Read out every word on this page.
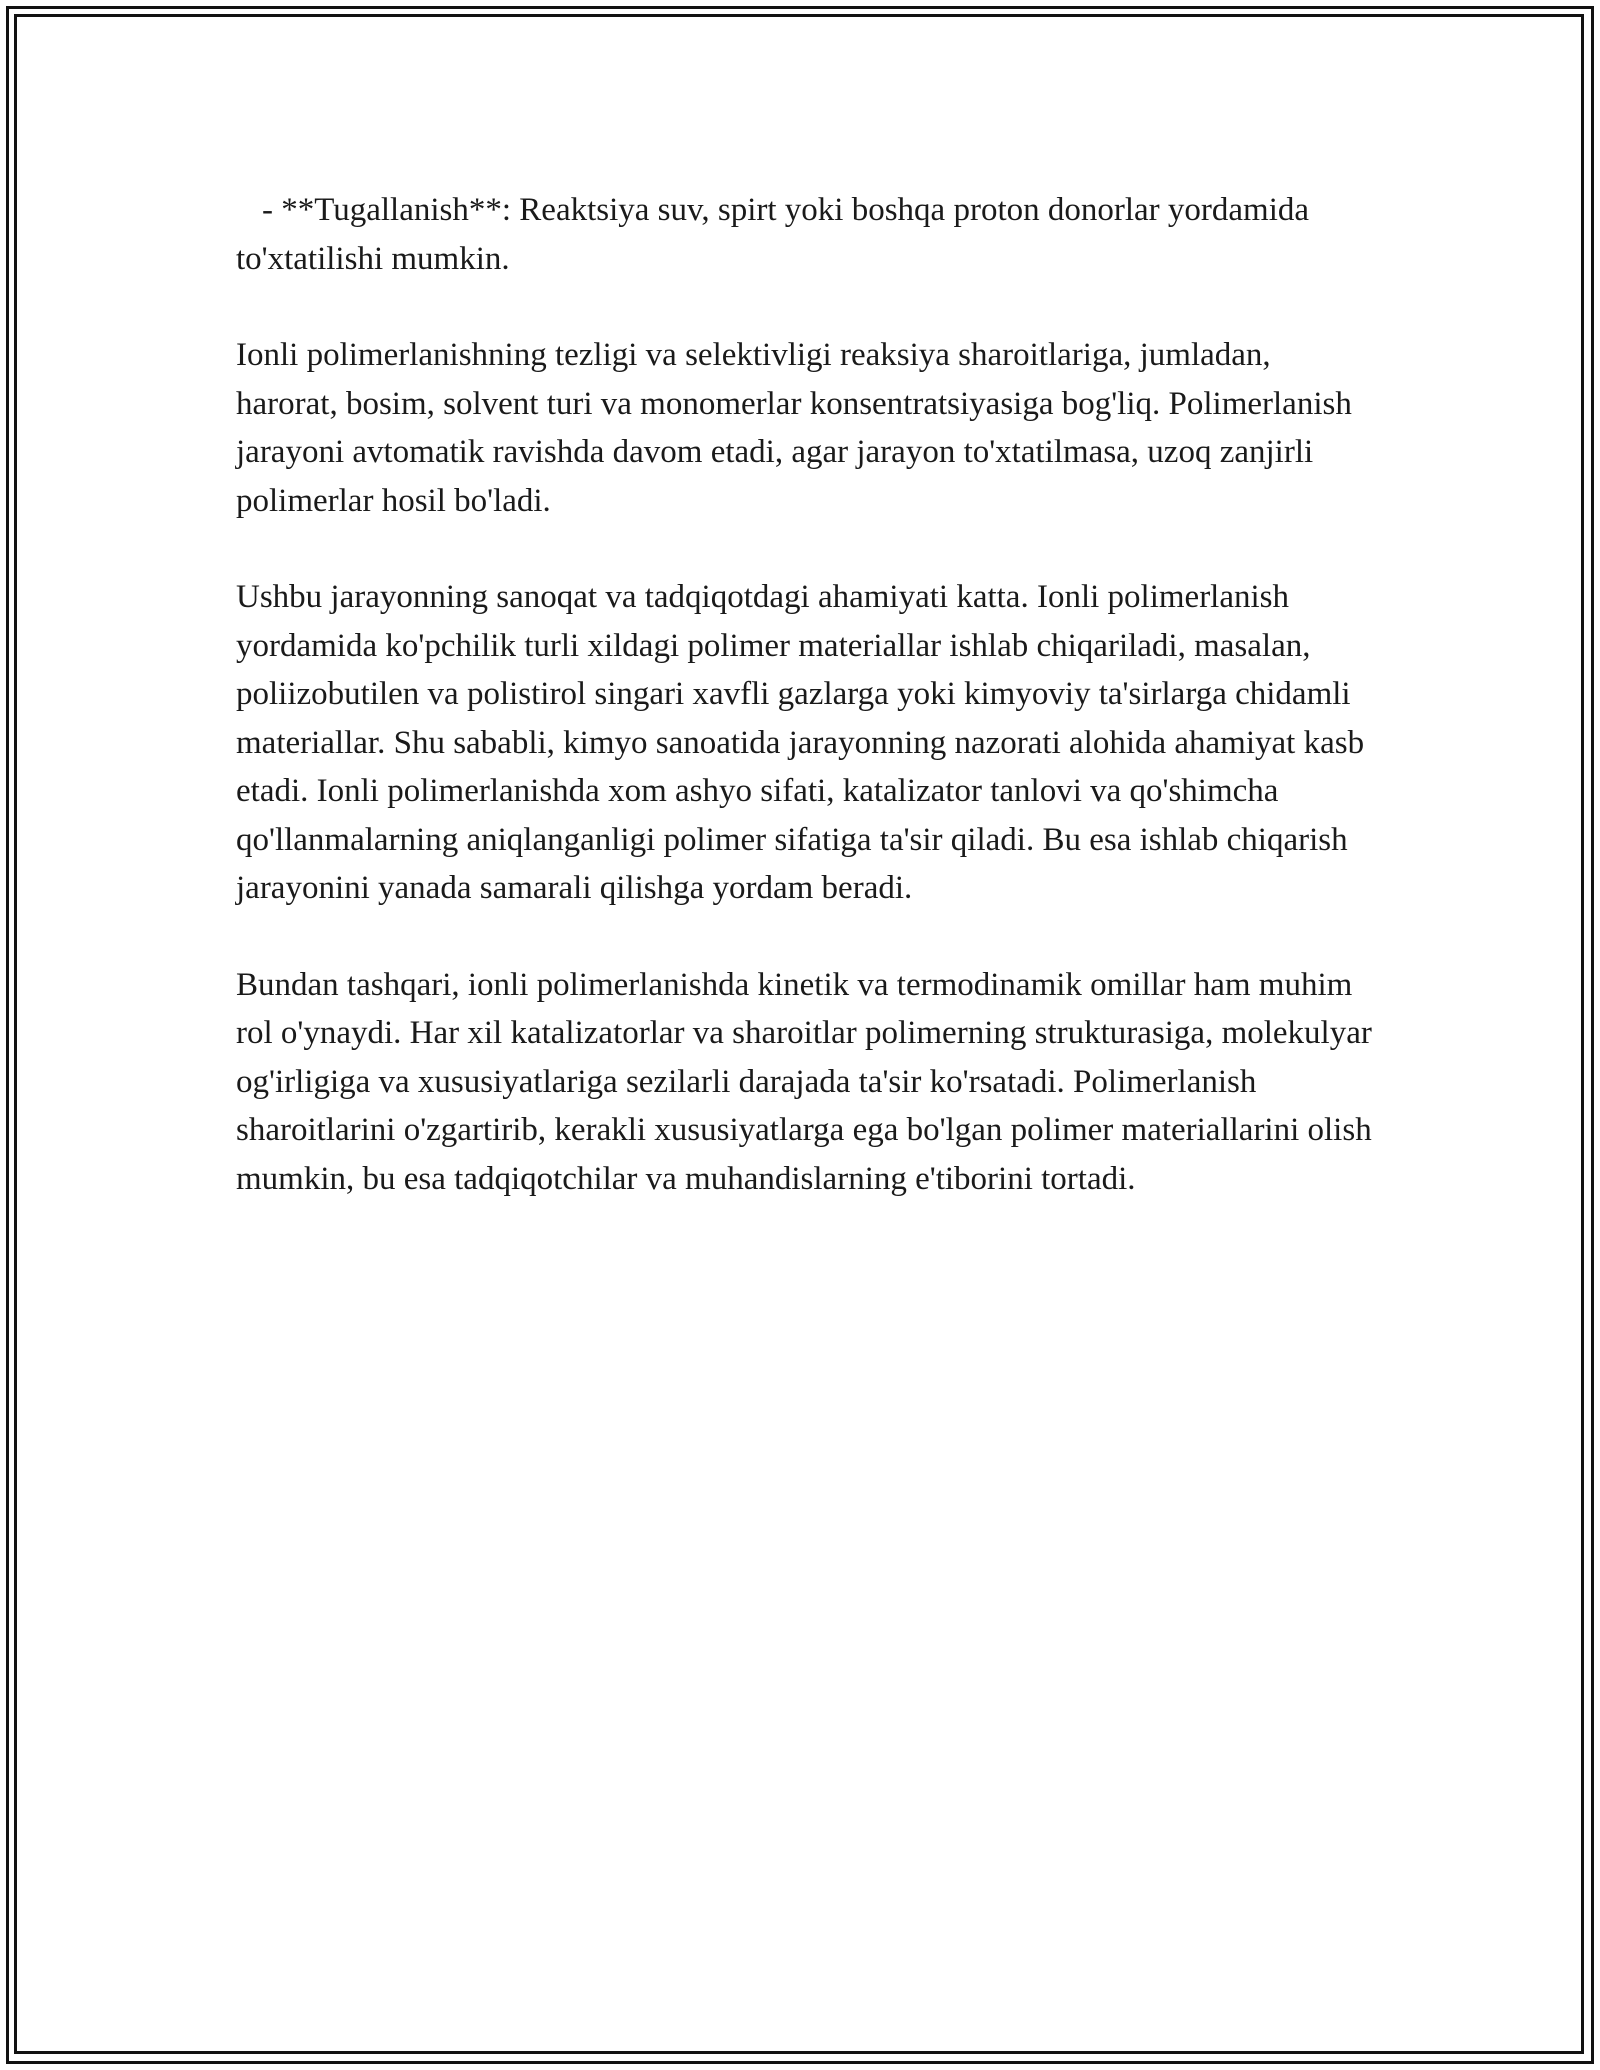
- **Tugallanish**: Reaktsiya suv, spirt yoki boshqa proton donorlar yordamida to'xtatilishi mumkin.

Ionli polimerlanishning tezligi va selektivligi reaksiya sharoitlariga, jumladan, harorat, bosim, solvent turi va monomerlar konsentratsiyasiga bog'liq. Polimerlanish jarayoni avtomatik ravishda davom etadi, agar jarayon to'xtatilmasa, uzoq zanjirli polimerlar hosil bo'ladi.

Ushbu jarayonning sanoqat va tadqiqotdagi ahamiyati katta. Ionli polimerlanish yordamida ko'pchilik turli xildagi polimer materiallar ishlab chiqariladi, masalan, poliizobutilen va polistirol singari xavfli gazlarga yoki kimyoviy ta'sirlarga chidamli materiallar. Shu sababli, kimyo sanoatida jarayonning nazorati alohida ahamiyat kasb etadi. Ionli polimerlanishda xom ashyo sifati, katalizator tanlovi va qo'shimcha qo'llanmalarning aniqlanganligi polimer sifatiga ta'sir qiladi. Bu esa ishlab chiqarish jarayonini yanada samarali qilishga yordam beradi.

Bundan tashqari, ionli polimerlanishda kinetik va termodinamik omillar ham muhim rol o'ynaydi. Har xil katalizatorlar va sharoitlar polimerning strukturasiga, molekulyar og'irligiga va xususiyatlariga sezilarli darajada ta'sir ko'rsatadi. Polimerlanish sharoitlarini o'zgartirib, kerakli xususiyatlarga ega bo'lgan polimer materiallarini olish mumkin, bu esa tadqiqotchilar va muhandislarning e'tiborini tortadi.
